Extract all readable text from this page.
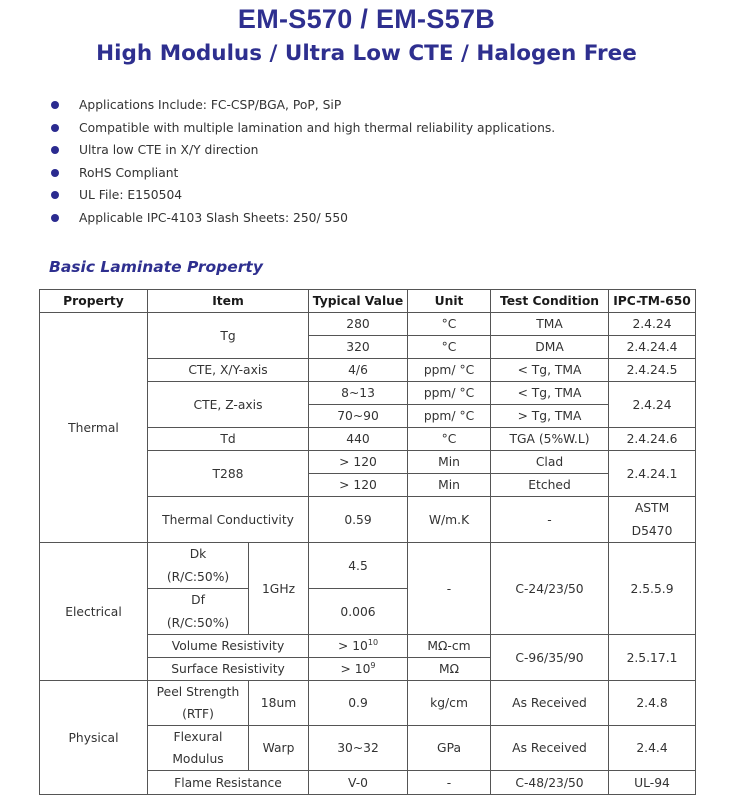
EM-S570 / EM-S57B
High Modulus / Ultra Low CTE / Halogen Free
Applications Include: FC-CSP/BGA, PoP, SiP
Compatible with multiple lamination and high thermal reliability applications.
Ultra low CTE in X/Y direction
RoHS Compliant
UL File: E150504
Applicable IPC-4103 Slash Sheets: 250/ 550
Basic Laminate Property
Property	Item		Typical Value	Unit	Test Condition	IPC-TM-650
Thermal	Tg		280	°C	TMA	2.4.24
			320	°C	DMA	2.4.24.4
	CTE, X/Y-axis		4/6	ppm/ °C	< Tg, TMA	2.4.24.5
	CTE, Z-axis		8~13	ppm/ °C	< Tg, TMA	2.4.24
			70~90	ppm/ °C	> Tg, TMA	
	Td		440	°C	TGA (5%W.L)	2.4.24.6
	T288		> 120	Min	Clad	2.4.24.1
			> 120	Min	Etched	
	Thermal Conductivity		0.59	W/m.K	-	ASTM
						D5470
Electrical	Dk	1GHz	4.5	-	C-24/23/50	2.5.5.9
	(R/C:50%)					
	Df		0.006			
	(R/C:50%)					
	Volume Resistivity		> $10^{10}$	MΩ-cm	C-96/35/90	2.5.17.1
	Surface Resistivity		> $10^9$	MΩ		
Physical	Peel Strength	18um	0.9	kg/cm	As Received	2.4.8
	(RTF)					
	Flexural	Warp	30~32	GPa	As Received	2.4.4
	Modulus					
	Flame Resistance		V-0	-	C-48/23/50	UL-94
